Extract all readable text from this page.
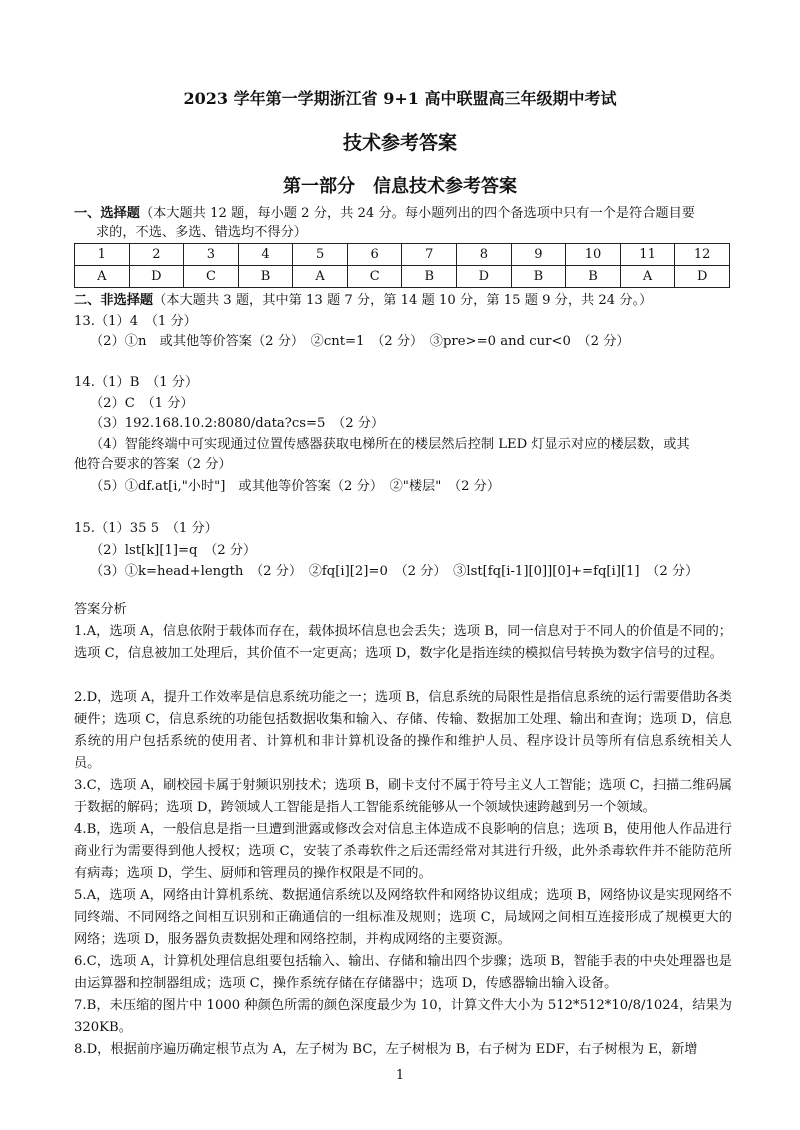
2023 学年第一学期浙江省 9+1 高中联盟高三年级期中考试
技术参考答案
第一部分　信息技术参考答案
一、选择题（本大题共 12 题，每小题 2 分，共 24 分。每小题列出的四个备选项中只有一个是符合题目要
求的，不选、多选、错选均不得分）
1	2	3	4	5	6	7	8	9	10	11	12
A	D	C	B	A	C	B	D	B	B	A	D
二、非选择题（本大题共 3 题，其中第 13 题 7 分，第 14 题 10 分，第 15 题 9 分，共 24 分。）
13.（1）4　（1 分）
（2）①n　或其他等价答案（2 分）　②cnt=1　（2 分）　③pre>=0 and cur<0　（2 分）
14.（1）B　（1 分）
（2）C　（1 分）
（3）192.168.10.2:8080/data?cs=5　（2 分）
（4）智能终端中可实现通过位置传感器获取电梯所在的楼层然后控制 LED 灯显示对应的楼层数，或其
他符合要求的答案（2 分）
（5）①df.at[i,"小时"]　或其他等价答案（2 分）　②"楼层"　（2 分）
15.（1）35 5　（1 分）
（2）lst[k][1]=q　（2 分）
（3）①k=head+length　（2 分）　②fq[i][2]=0　（2 分）　③lst[fq[i-1][0]][0]+=fq[i][1]　（2 分）
答案分析
1.A，选项 A，信息依附于载体而存在，载体损坏信息也会丢失；选项 B，同一信息对于不同人的价值是不同的；选项 C，信息被加工处理后，其价值不一定更高；选项 D，数字化是指连续的模拟信号转换为数字信号的过程。
2.D，选项 A，提升工作效率是信息系统功能之一；选项 B，信息系统的局限性是指信息系统的运行需要借助各类硬件；选项 C，信息系统的功能包括数据收集和输入、存储、传输、数据加工处理、输出和查询；选项 D，信息系统的用户包括系统的使用者、计算机和非计算机设备的操作和维护人员、程序设计员等所有信息系统相关人员。
3.C，选项 A，刷校园卡属于射频识别技术；选项 B，刷卡支付不属于符号主义人工智能；选项 C，扫描二维码属于数据的解码；选项 D，跨领域人工智能是指人工智能系统能够从一个领域快速跨越到另一个领域。
4.B，选项 A，一般信息是指一旦遭到泄露或修改会对信息主体造成不良影响的信息；选项 B，使用他人作品进行商业行为需要得到他人授权；选项 C，安装了杀毒软件之后还需经常对其进行升级，此外杀毒软件并不能防范所有病毒；选项 D，学生、厨师和管理员的操作权限是不同的。
5.A，选项 A，网络由计算机系统、数据通信系统以及网络软件和网络协议组成；选项 B，网络协议是实现网络不同终端、不同网络之间相互识别和正确通信的一组标准及规则；选项 C，局域网之间相互连接形成了规模更大的网络；选项 D，服务器负责数据处理和网络控制，并构成网络的主要资源。
6.C，选项 A，计算机处理信息组要包括输入、输出、存储和输出四个步骤；选项 B，智能手表的中央处理器也是由运算器和控制器组成；选项 C，操作系统存储在存储器中；选项 D，传感器输出输入设备。
7.B，未压缩的图片中 1000 种颜色所需的颜色深度最少为 10，计算文件大小为 512*512*10/8/1024，结果为 320KB。
8.D，根据前序遍历确定根节点为 A，左子树为 BC，左子树根为 B，右子树为 EDF，右子树根为 E，新增
1
